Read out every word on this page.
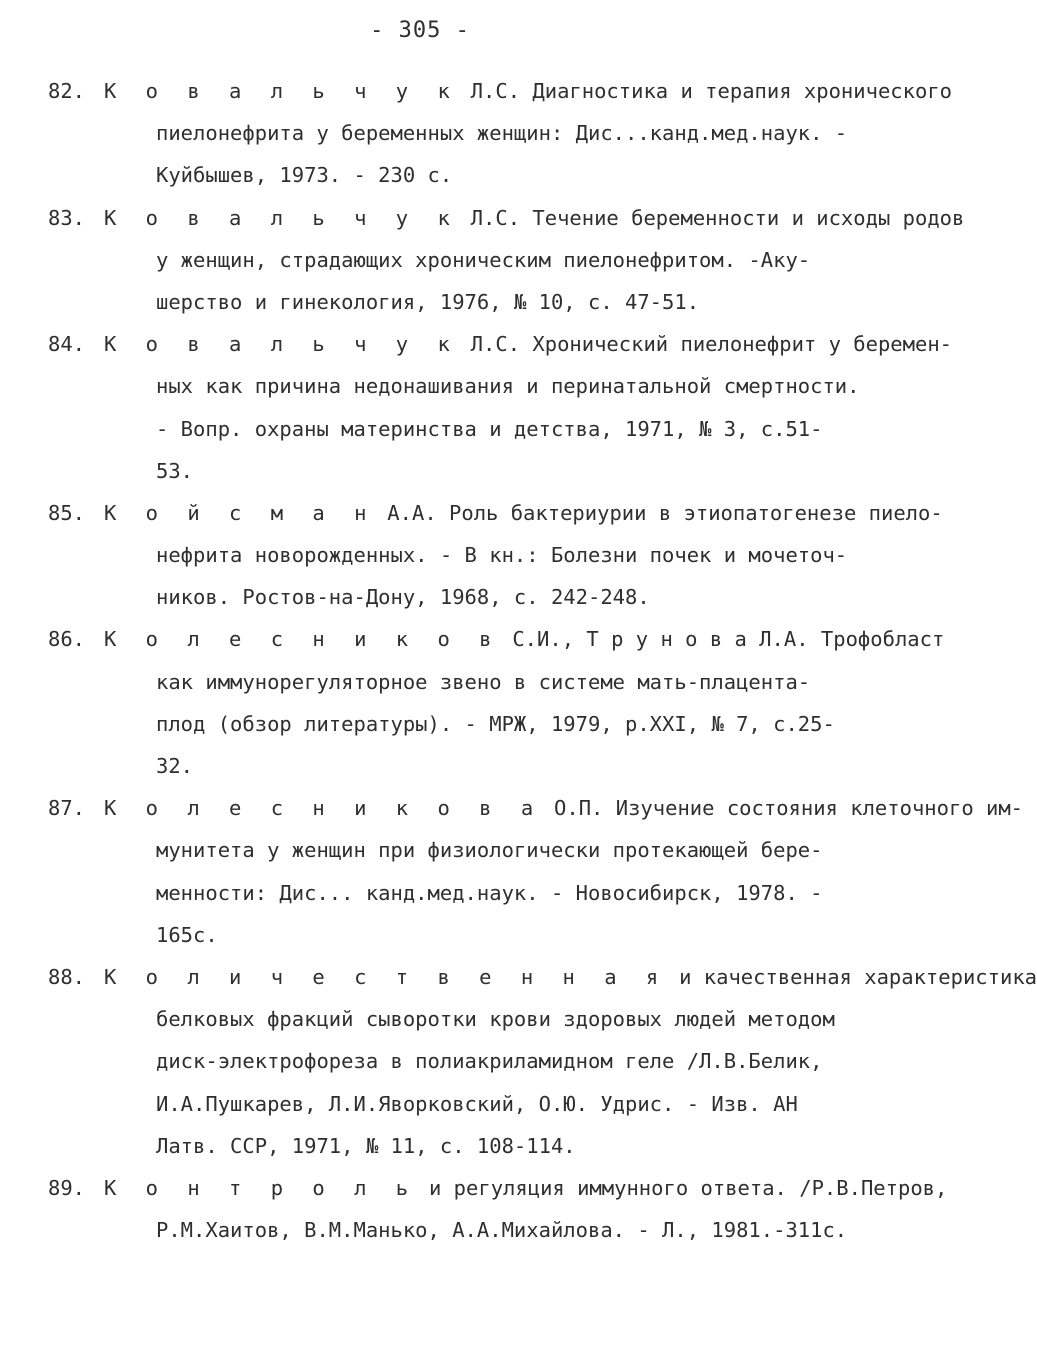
- 305 -
82. К о в а л ь ч у к Л.С. Диагностика и терапия хронического
пиелонефрита у беременных женщин: Дис...канд.мед.наук. -
Куйбышев, 1973. - 230 с.
83. К о в а л ь ч у к Л.С. Течение беременности и исходы родов
у женщин, страдающих хроническим пиелонефритом. -Аку-
шерство и гинекология, 1976, № 10, с. 47-51.
84. К о в а л ь ч у к Л.С. Хронический пиелонефрит у беремен-
ных как причина недонашивания и перинатальной смертности.
- Вопр. охраны материнства и детства, 1971, № 3, с.51-
53.
85. К о й с м а н А.А. Роль бактериурии в этиопатогенезе пиело-
нефрита новорожденных. - В кн.: Болезни почек и мочеточ-
ников. Ростов-на-Дону, 1968, с. 242-248.
86. К о л е с н и к о в С.И., Т р у н о в а Л.А. Трофобласт
как иммунорегуляторное звено в системе мать-плацента-
плод (обзор литературы). - МРЖ, 1979, р.XXI, № 7, с.25-
32.
87. К о л е с н и к о в а О.П. Изучение состояния клеточного им-
мунитета у женщин при физиологически протекающей бере-
менности: Дис... канд.мед.наук. - Новосибирск, 1978. -
165с.
88. К о л и ч е с т в е н н а я и качественная характеристика
белковых фракций сыворотки крови здоровых людей методом
диск-электрофореза в полиакриламидном геле /Л.В.Белик,
И.А.Пушкарев, Л.И.Яворковский, О.Ю. Удрис. - Изв. АН
Латв. ССР, 1971, № 11, с. 108-114.
89. К о н т р о л ь и регуляция иммунного ответа. /Р.В.Петров,
Р.М.Хаитов, В.М.Манько, А.А.Михайлова. - Л., 1981.-311с.
